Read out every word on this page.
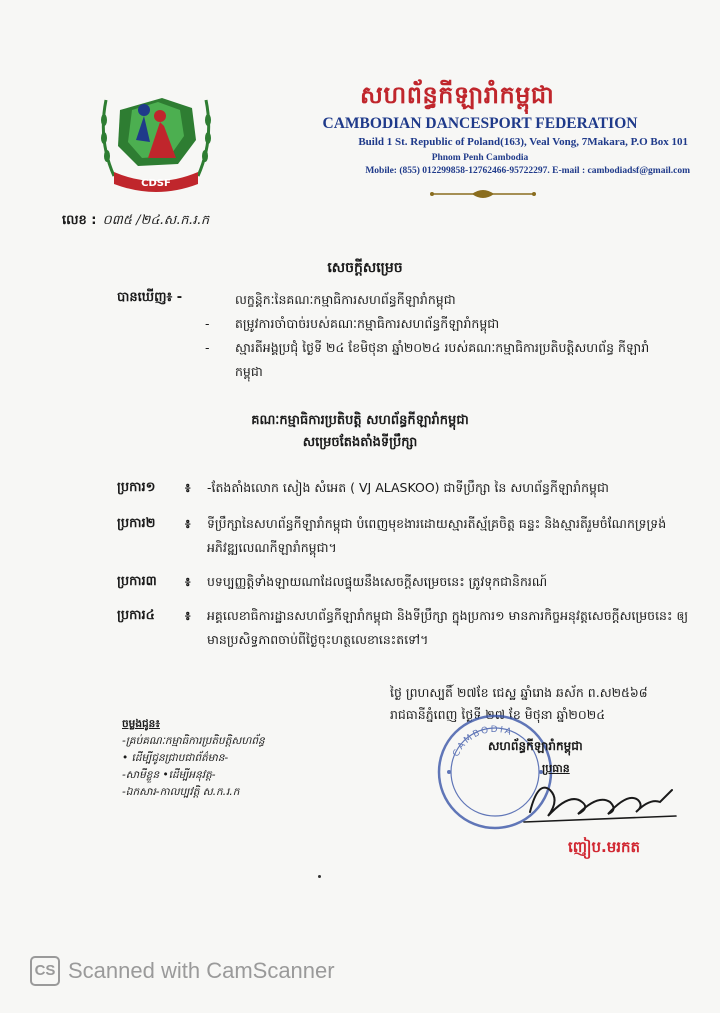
CDSF
សហព័ន្ធកីឡារាំកម្ពុជា
CAMBODIAN DANCESPORT FEDERATION
Build 1 St. Republic of Poland(163), Veal Vong, 7Makara, P.O Box 101
Phnom Penh Cambodia
Mobile: (855) 012299858-12762466-95722297. E-mail : cambodiadsf@gmail.com
លេខ : ០៣៥ /២៤.ស.ក.រ.ក
សេចក្តីសម្រេច
បានឃើញ៖ -	លក្ខន្តិកៈនៃគណៈកម្មាធិការសហព័ន្ធកីឡារាំកម្ពុជា
- តម្រូវការចាំបាច់របស់គណៈកម្មាធិការសហព័ន្ធកីឡារាំកម្ពុជា
- ស្មារតីអង្គប្រជុំ ថ្ងៃទី ២៤ ខែមិថុនា ឆ្នាំ២០២៤ របស់គណៈកម្មាធិការប្រតិបត្តិសហព័ន្ធ កីឡារាំកម្ពុជា
គណៈកម្មាធិការប្រតិបត្តិ សហព័ន្ធកីឡារាំកម្ពុជា
សម្រេចតែងតាំងទីប្រឹក្សា
ប្រការ១	៖ -តែងតាំងលោក សៀង សំអេត ( VJ ALASKOO) ជាទីប្រឹក្សា នៃ សហព័ន្ធកីឡារាំកម្ពុជា
ប្រការ២	៖ ទីប្រឹក្សានៃសហព័ន្ធកីឡារាំកម្ពុជា បំពេញមុខងារដោយស្មារតីស្ម័គ្រចិត្ត ធន្ទះ និងស្មារតីរួមចំណែកទ្រទ្រង់អភិវឌ្ឍលេណកីឡារាំកម្ពុជា។
ប្រការ៣	៖ បទប្បញ្ញត្តិទាំងឡាយណាដែលផ្ទុយនឹងសេចក្តីសម្រេចនេះ ត្រូវទុកជានិករណ៍
ប្រការ៤	៖ អគ្គលេខាធិការដ្ឋានសហព័ន្ធកីឡារាំកម្ពុជា និងទីប្រឹក្សា ក្នុងប្រការ១ មានភារកិច្ចអនុវត្តសេចក្តីសម្រេចនេះ ឲ្យមានប្រសិទ្ធភាពចាប់ពីថ្ងៃចុះហត្ថលេខានេះតទៅ។
ថ្ងៃ ព្រហស្បតិ៍ ២៧ខែ ជេស្ឋ ឆ្នាំរោង ឆស័ក ព.ស២៥៦៨
រាជធានីភ្នំពេញ ថ្ងៃទី ២៧ ខែ មិថុនា ឆ្នាំ២០២៤
ចម្លងជូន៖
-គ្រប់គណៈកម្មាធិការប្រតិបត្តិសហព័ន្ធ
• ដើម្បីជូនជ្រាបជាព័ត៌មាន-
-សាមីខ្លួន •ដើម្បីអនុវត្ត-
-ឯកសារ-កាលប្បវត្តិ ស.ក.រ.ក
CAMBODIA
សហព័ន្ធកីឡារាំកម្ពុជា
ប្រធាន
ញៀប.មរកត
CS Scanned with CamScanner
